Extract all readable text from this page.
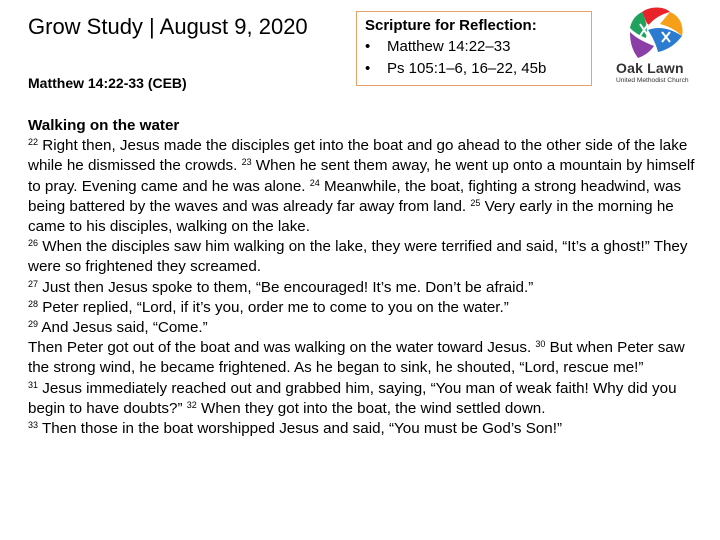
Grow Study | August 9, 2020	Scripture for Reflection:
•	Matthew 14:22–33
•	Ps 105:1–6, 16–22, 45b	Oak Lawn
United Methodist Church
Matthew 14:22-33 (CEB)
Walking on the water
$^{22}$ Right then, Jesus made the disciples get into the boat and go ahead to the other side of the lake while he dismissed the crowds. $^{23}$ When he sent them away, he went up onto a mountain by himself to pray. Evening came and he was alone. $^{24}$ Meanwhile, the boat, fighting a strong headwind, was being battered by the waves and was already far away from land. $^{25}$ Very early in the morning he came to his disciples, walking on the lake.
$^{26}$ When the disciples saw him walking on the lake, they were terrified and said, “It’s a ghost!” They were so frightened they screamed.
$^{27}$ Just then Jesus spoke to them, “Be encouraged! It’s me. Don’t be afraid.”
$^{28}$ Peter replied, “Lord, if it’s you, order me to come to you on the water.”
$^{29}$ And Jesus said, “Come.”
Then Peter got out of the boat and was walking on the water toward Jesus. $^{30}$ But when Peter saw the strong wind, he became frightened. As he began to sink, he shouted, “Lord, rescue me!”
$^{31}$ Jesus immediately reached out and grabbed him, saying, “You man of weak faith! Why did you begin to have doubts?” $^{32}$ When they got into the boat, the wind settled down.
$^{33}$ Then those in the boat worshipped Jesus and said, “You must be God’s Son!”
